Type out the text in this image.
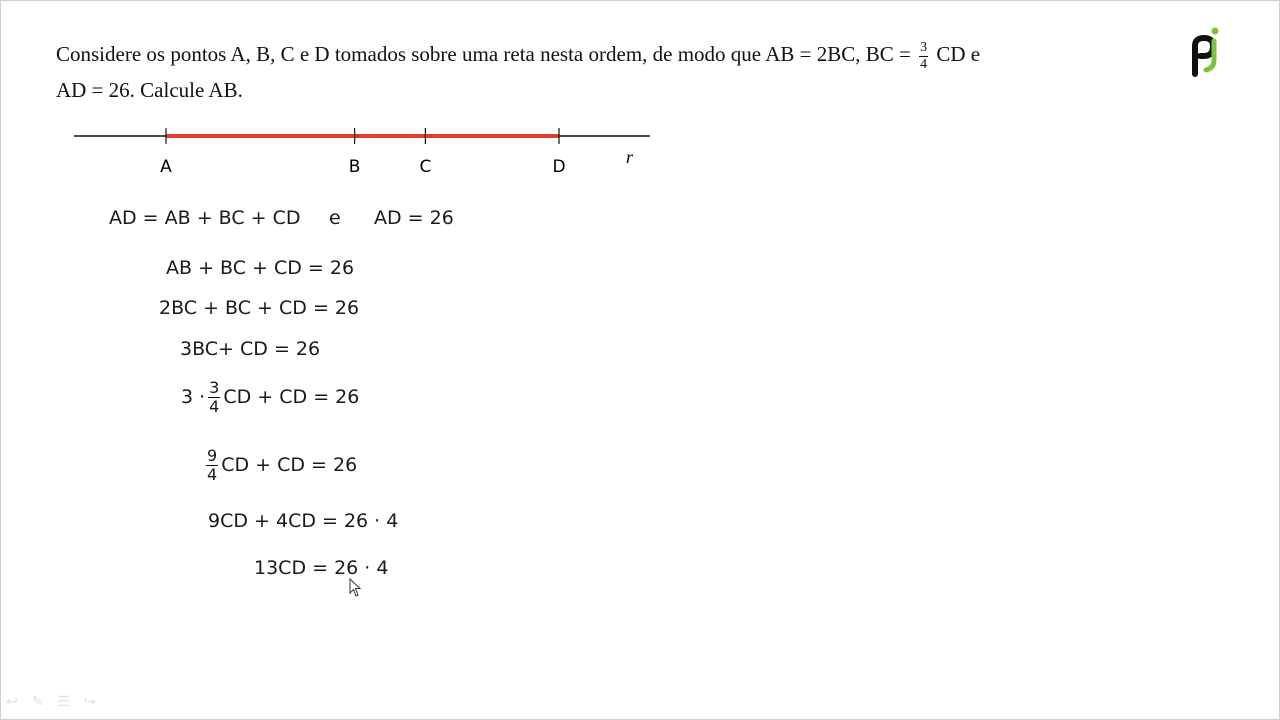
Considere os pontos A, B, C e D tomados sobre uma reta nesta ordem, de modo que AB = 2BC, BC = $\frac{3}{4}$ CD e
AD = 26. Calcule AB.
A	B	C	D	r
AD = AB + BC + CD e AD = 26
AB + BC + CD = 26
2BC + BC + CD = 26
3BC+ CD = 26
$3 \cdot \frac{3}{4}$ CD + CD = 26
$\frac{9}{4}$ CD + CD = 26
9CD + 4CD = 26 · 4
13CD = 26 · 4
↩ ✎ ☰ ↪
